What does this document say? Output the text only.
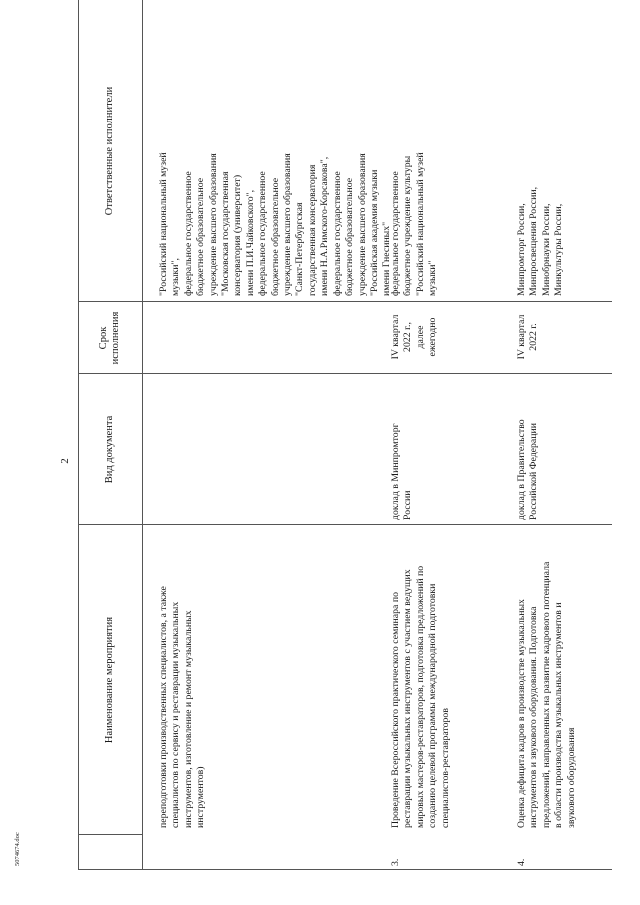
2
5074674.doc
Наименование мероприятия
Вид документа
Срок
исполнения
Ответственные исполнители
переподготовки производственных специалистов, а также
специалистов по сервису и реставрации музыкальных
инструментов, изготовление и ремонт музыкальных
инструментов)
"Российский национальный музей
музыки",
федеральное государственное
бюджетное образовательное
учреждение высшего образования
"Московская государственная
консерватория (университет)
имени П.И.Чайковского",
федеральное государственное
бюджетное образовательное
учреждение высшего образования
"Санкт-Петербургская
государственная консерватория
имени Н.А.Римского-Корсакова",
федеральное государственное
бюджетное образовательное
учреждение высшего образования
"Российская академия музыки
имени Гнесиных"
3.
Проведение Всероссийского практического семинара по
реставрации музыкальных инструментов с участием ведущих
мировых мастеров-реставраторов, подготовка предложений по
созданию целевой программы международной подготовки
специалистов-реставраторов
доклад в Минпромторг
России
IV квартал
2022 г.,
далее
ежегодно
федеральное государственное
бюджетное учреждение культуры
"Российский национальный музей
музыки"
4.
Оценка дефицита кадров в производстве музыкальных
инструментов и звукового оборудования. Подготовка
предложений, направленных на развитие кадрового потенциала
в области производства музыкальных инструментов и
звукового оборудования
доклад в Правительство
Российской Федерации
IV квартал
2022 г.
Минпромторг России,
Минпросвещения России,
Минобрнауки России,
Минкультуры России,
